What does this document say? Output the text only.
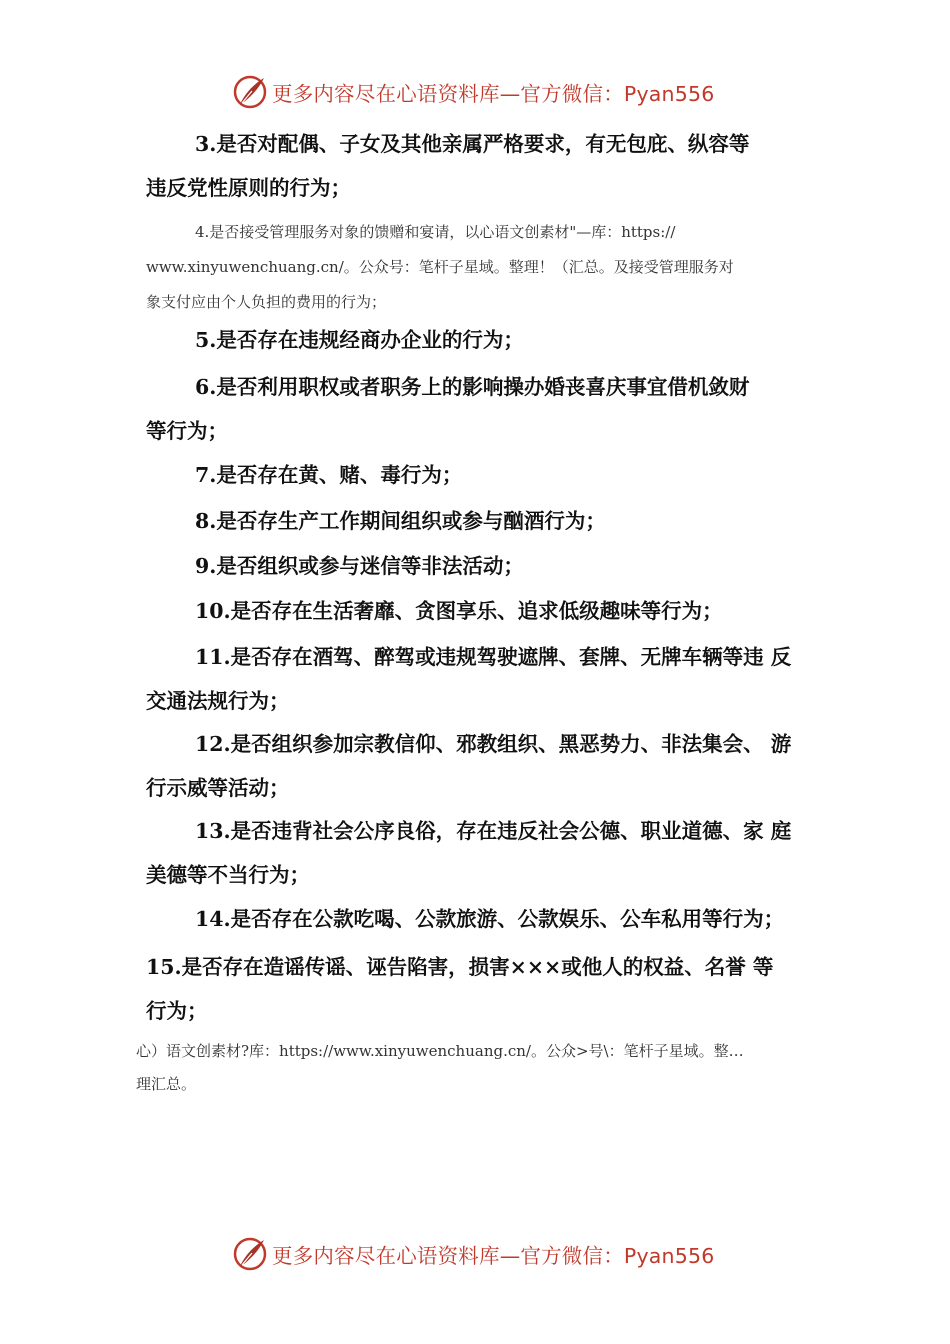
更多内容尽在心语资料库—官方微信：Pyan556

3.是否对配偶、子女及其他亲属严格要求，有无包庇、纵容等

违反党性原则的行为；

4.是否接受管理服务对象的馈赠和宴请，以心语文创素材"—库：https://

www.xinyuwenchuang.cn/。公众号：笔杆子星域。整理！（汇总。及接受管理服务对

象支付应由个人负担的费用的行为；

5.是否存在违规经商办企业的行为；

6.是否利用职权或者职务上的影响操办婚丧喜庆事宜借机敛财

等行为；

7.是否存在黄、赌、毒行为；

8.是否存生产工作期间组织或参与酗酒行为；

9.是否组织或参与迷信等非法活动；

10.是否存在生活奢靡、贪图享乐、追求低级趣味等行为；

11.是否存在酒驾、醉驾或违规驾驶遮牌、套牌、无牌车辆等违 反

交通法规行为；

12.是否组织参加宗教信仰、邪教组织、黑恶势力、非法集会、 游

行示威等活动；

13.是否违背社会公序良俗，存在违反社会公德、职业道德、家 庭

美德等不当行为；

14.是否存在公款吃喝、公款旅游、公款娱乐、公车私用等行为；

15.是否存在造谣传谣、诬告陷害，损害×××或他人的权益、名誉 等

行为；

心）语文创素材?库：https://www.xinyuwenchuang.cn/。公众>号\：笔杆子星域。整…

理汇总。

更多内容尽在心语资料库—官方微信：Pyan556
